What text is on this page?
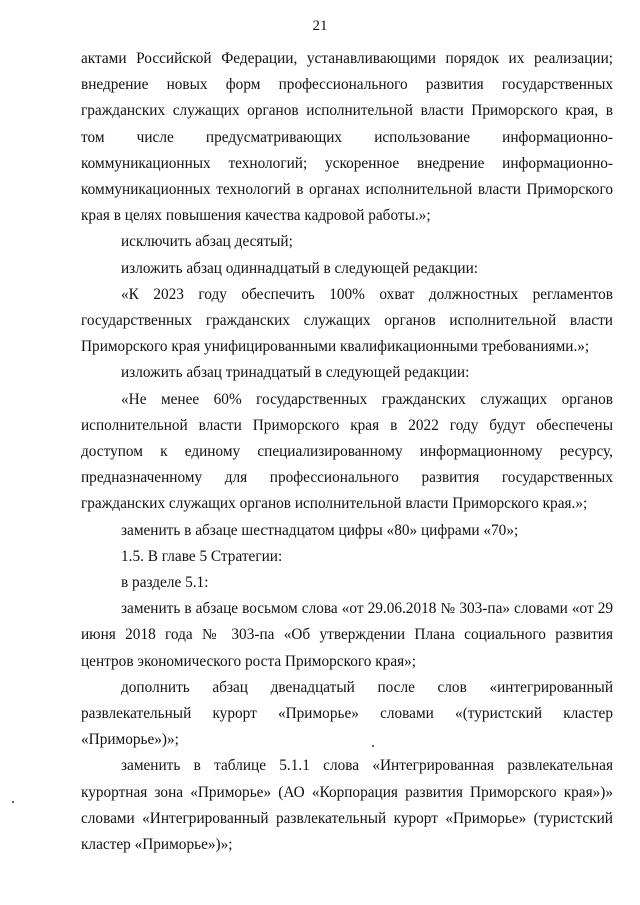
21

актами Российской Федерации, устанавливающими порядок их реализации; внедрение новых форм профессионального развития государственных гражданских служащих органов исполнительной власти Приморского края, в том числе предусматривающих использование информационно-коммуникационных технологий; ускоренное внедрение информационно-коммуникационных технологий в органах исполнительной власти Приморского края в целях повышения качества кадровой работы.»;

исключить абзац десятый;

изложить абзац одиннадцатый в следующей редакции:

«К 2023 году обеспечить 100% охват должностных регламентов государственных гражданских служащих органов исполнительной власти Приморского края унифицированными квалификационными требованиями.»;

изложить абзац тринадцатый в следующей редакции:

«Не менее 60% государственных гражданских служащих органов исполнительной власти Приморского края в 2022 году будут обеспечены доступом к единому специализированному информационному ресурсу, предназначенному для профессионального развития государственных гражданских служащих органов исполнительной власти Приморского края.»;

заменить в абзаце шестнадцатом цифры «80» цифрами «70»;

1.5. В главе 5 Стратегии:

в разделе 5.1:

заменить в абзаце восьмом слова «от 29.06.2018 № 303-па» словами «от 29 июня 2018 года № 303-па «Об утверждении Плана социального развития центров экономического роста Приморского края»;

дополнить абзац двенадцатый после слов «интегрированный развлекательный курорт «Приморье» словами «(туристский кластер «Приморье»)»;

заменить в таблице 5.1.1 слова «Интегрированная развлекательная курортная зона «Приморье» (АО «Корпорация развития Приморского края»)» словами «Интегрированный развлекательный курорт «Приморье» (туристский кластер «Приморье»)»;
